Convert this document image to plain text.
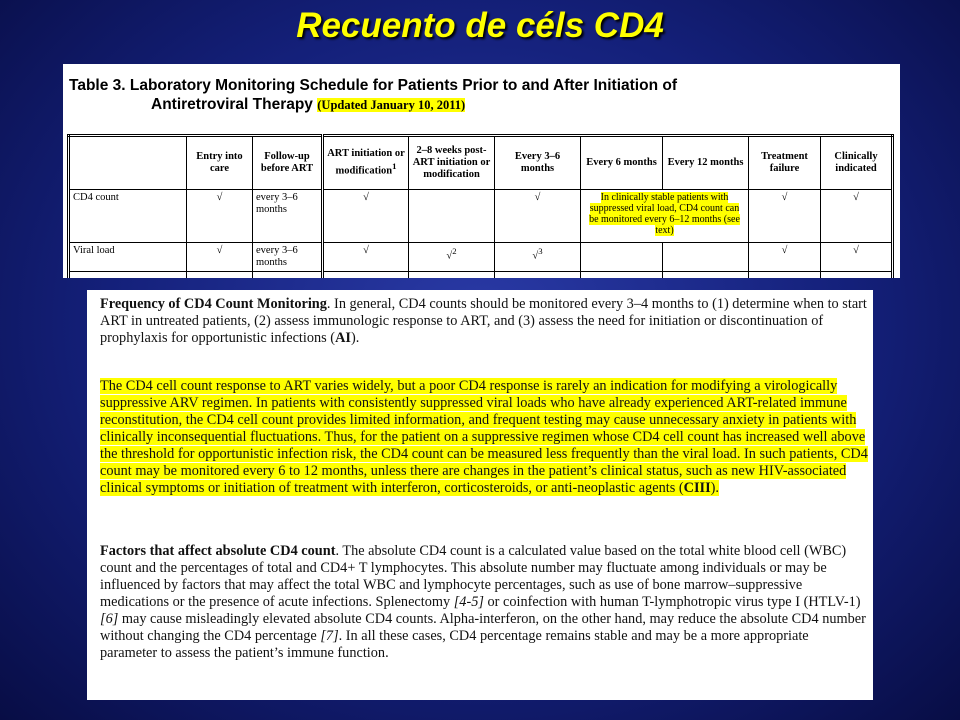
Recuento de céls CD4
Table 3. Laboratory Monitoring Schedule for Patients Prior to and After Initiation of
Antiretroviral Therapy (Updated January 10, 2011)
	Entry into care	Follow-up before ART	ART initiation or modification$^1$	2–8 weeks post-ART initiation or modification	Every 3–6 months	Every 6 months	Every 12 months	Treatment failure	Clinically indicated
CD4 count	√	every 3–6 months	√		√	In clinically stable patients with suppressed viral load, CD4 count can be monitored every 6–12 months (see text)		√	√
Viral load	√	every 3–6 months	√	√$^2$	√$^3$			√	√

Frequency of CD4 Count Monitoring. In general, CD4 counts should be monitored every 3–4 months to (1) determine when to start ART in untreated patients, (2) assess immunologic response to ART, and (3) assess the need for initiation or discontinuation of prophylaxis for opportunistic infections (AI).
The CD4 cell count response to ART varies widely, but a poor CD4 response is rarely an indication for modifying a virologically suppressive ARV regimen. In patients with consistently suppressed viral loads who have already experienced ART-related immune reconstitution, the CD4 cell count provides limited information, and frequent testing may cause unnecessary anxiety in patients with clinically inconsequential fluctuations. Thus, for the patient on a suppressive regimen whose CD4 cell count has increased well above the threshold for opportunistic infection risk, the CD4 count can be measured less frequently than the viral load. In such patients, CD4 count may be monitored every 6 to 12 months, unless there are changes in the patient’s clinical status, such as new HIV-associated clinical symptoms or initiation of treatment with interferon, corticosteroids, or anti-neoplastic agents (CIII).
Factors that affect absolute CD4 count. The absolute CD4 count is a calculated value based on the total white blood cell (WBC) count and the percentages of total and CD4+ T lymphocytes. This absolute number may fluctuate among individuals or may be influenced by factors that may affect the total WBC and lymphocyte percentages, such as use of bone marrow–suppressive medications or the presence of acute infections. Splenectomy [4-5] or coinfection with human T-lymphotropic virus type I (HTLV-1) [6] may cause misleadingly elevated absolute CD4 counts. Alpha-interferon, on the other hand, may reduce the absolute CD4 number without changing the CD4 percentage [7]. In all these cases, CD4 percentage remains stable and may be a more appropriate parameter to assess the patient’s immune function.
